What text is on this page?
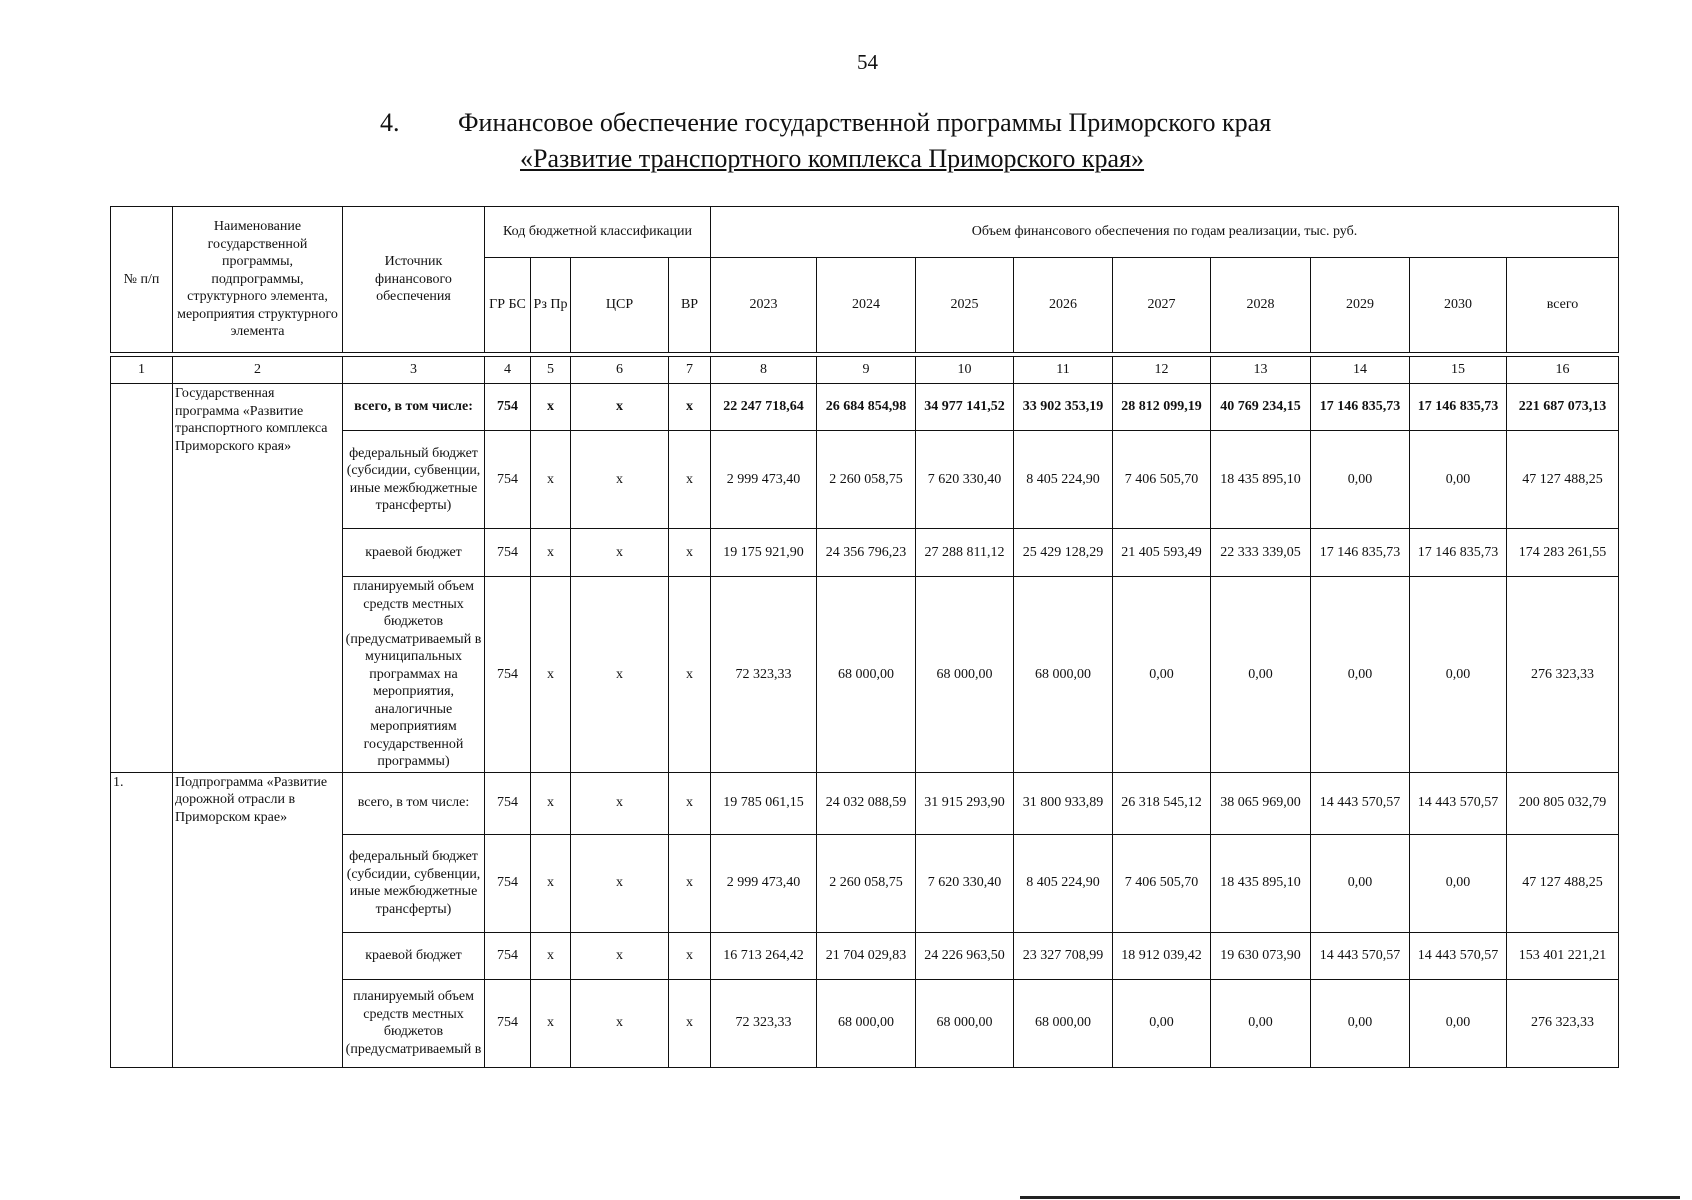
54
4. Финансовое обеспечение государственной программы Приморского края
«Развитие транспортного комплекса Приморского края»
№ п/п	Наименование государственной программы, подпрограммы, структурного элемента, мероприятия структурного элемента	Источник финансового обеспечения	Код бюджетной классификации				Объем финансового обеспечения по годам реализации, тыс. руб.								
			ГР БС	Рз Пр	ЦСР	ВР	2023	2024	2025	2026	2027	2028	2029	2030	всего
1	2	3	4	5	6	7	8	9	10	11	12	13	14	15	16
	Государственная программа «Развитие транспортного комплекса Приморского края»	всего, в том числе:	754	х	х	х	22 247 718,64	26 684 854,98	34 977 141,52	33 902 353,19	28 812 099,19	40 769 234,15	17 146 835,73	17 146 835,73	221 687 073,13
		федеральный бюджет (субсидии, субвенции, иные межбюджетные трансферты)	754	х	х	х	2 999 473,40	2 260 058,75	7 620 330,40	8 405 224,90	7 406 505,70	18 435 895,10	0,00	0,00	47 127 488,25
		краевой бюджет	754	х	х	х	19 175 921,90	24 356 796,23	27 288 811,12	25 429 128,29	21 405 593,49	22 333 339,05	17 146 835,73	17 146 835,73	174 283 261,55
		планируемый объем средств местных бюджетов (предусматриваемый в муниципальных программах на мероприятия, аналогичные мероприятиям государственной программы)	754	х	х	х	72 323,33	68 000,00	68 000,00	68 000,00	0,00	0,00	0,00	0,00	276 323,33
1.	Подпрограмма «Развитие дорожной отрасли в Приморском крае»	всего, в том числе:	754	х	х	х	19 785 061,15	24 032 088,59	31 915 293,90	31 800 933,89	26 318 545,12	38 065 969,00	14 443 570,57	14 443 570,57	200 805 032,79
		федеральный бюджет (субсидии, субвенции, иные межбюджетные трансферты)	754	х	х	х	2 999 473,40	2 260 058,75	7 620 330,40	8 405 224,90	7 406 505,70	18 435 895,10	0,00	0,00	47 127 488,25
		краевой бюджет	754	х	х	х	16 713 264,42	21 704 029,83	24 226 963,50	23 327 708,99	18 912 039,42	19 630 073,90	14 443 570,57	14 443 570,57	153 401 221,21
		планируемый объем средств местных бюджетов (предусматриваемый в	754	х	х	х	72 323,33	68 000,00	68 000,00	68 000,00	0,00	0,00	0,00	0,00	276 323,33
